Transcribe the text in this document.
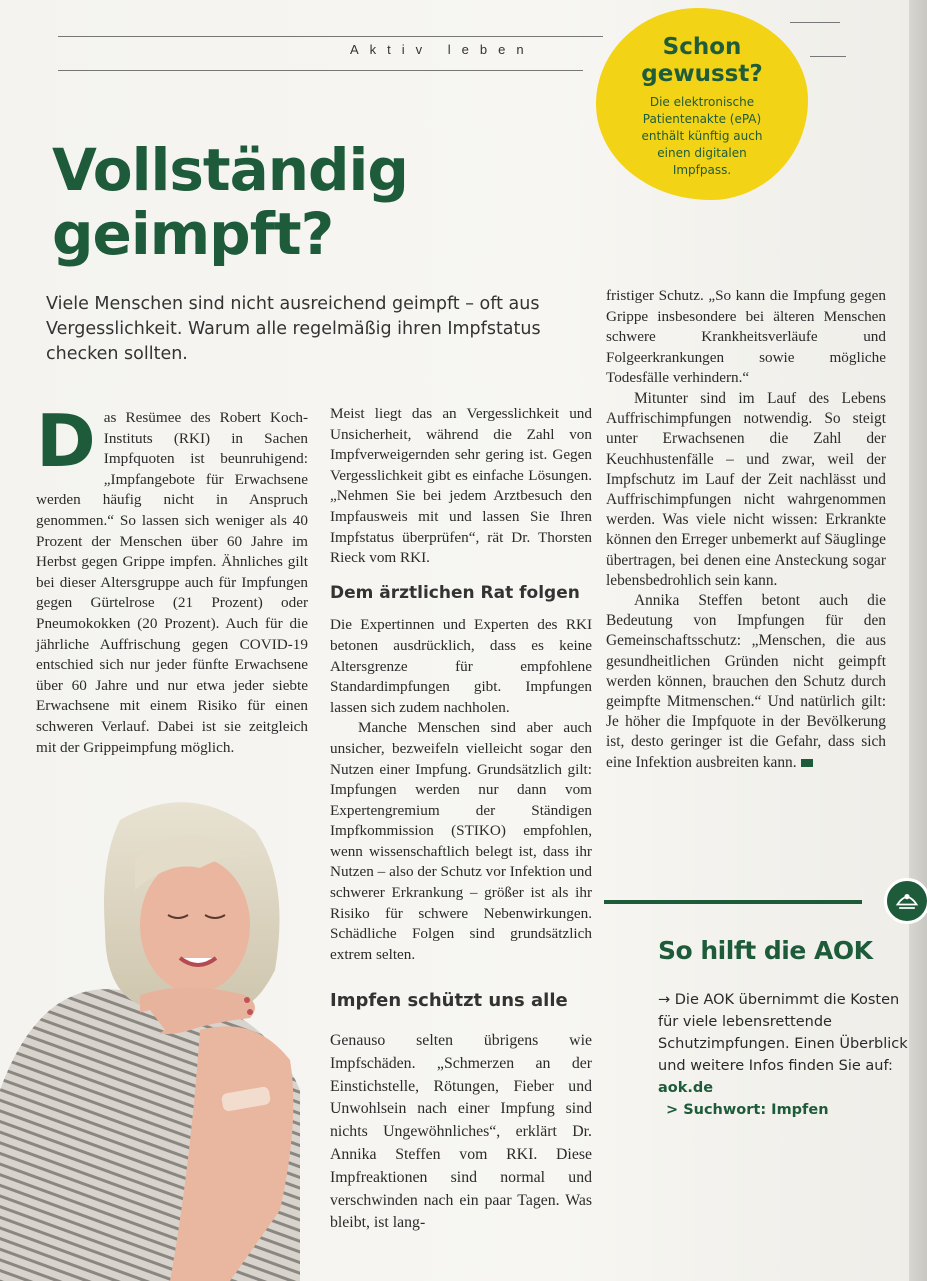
Aktiv leben	Schon
gewusst?
Die elektronische Patientenakte (ePA) enthält künftig auch einen digitalen Impfpass.
Vollständig
geimpft?
Viele Menschen sind nicht ausreichend geimpft – oft aus Vergesslichkeit. Warum alle regelmäßig ihren Impfstatus checken sollten.
D as Resümee des Robert Koch-Instituts (RKI) in Sachen Impfquoten ist beunruhigend: „Impfangebote für Erwachsene werden häufig nicht in Anspruch genommen.“ So lassen sich weniger als 40 Prozent der Menschen über 60 Jahre im Herbst gegen Grippe impfen. Ähnliches gilt bei dieser Altersgruppe auch für Impfungen gegen Gürtelrose (21 Prozent) oder Pneumokokken (20 Prozent). Auch für die jährliche Auffrischung gegen COVID-19 entschied sich nur jeder fünfte Erwachsene über 60 Jahre und nur etwa jeder siebte Erwachsene mit einem Risiko für einen schweren Verlauf. Dabei ist sie zeitgleich mit der Grippeimpfung möglich.

Meist liegt das an Vergesslichkeit und Unsicherheit, während die Zahl von Impfverweigernden sehr gering ist. Gegen Vergesslichkeit gibt es einfache Lösungen. „Nehmen Sie bei jedem Arztbesuch den Impfausweis mit und lassen Sie Ihren Impfstatus überprüfen“, rät Dr. Thorsten Rieck vom RKI.

Dem ärztlichen Rat folgen

Die Expertinnen und Experten des RKI betonen ausdrücklich, dass es keine Altersgrenze für empfohlene Standardimpfungen gibt. Impfungen lassen sich zudem nachholen.

Manche Menschen sind aber auch unsicher, bezweifeln vielleicht sogar den Nutzen einer Impfung. Grundsätzlich gilt: Impfungen werden nur dann vom Expertengremium der Ständigen Impfkommission (STIKO) empfohlen, wenn wissenschaftlich belegt ist, dass ihr Nutzen – also der Schutz vor Infektion und schwerer Erkrankung – größer ist als ihr Risiko für schwere Nebenwirkungen. Schädliche Folgen sind grundsätzlich extrem selten.

Impfen schützt uns alle

Genauso selten übrigens wie Impfschäden. „Schmerzen an der Einstichstelle, Rötungen, Fieber und Unwohlsein nach einer Impfung sind nichts Ungewöhnliches“, erklärt Dr. Annika Steffen vom RKI. Diese Impfreaktionen sind normal und verschwinden nach ein paar Tagen. Was bleibt, ist lang-

fristiger Schutz. „So kann die Impfung gegen Grippe insbesondere bei älteren Menschen schwere Krankheitsverläufe und Folgeerkrankungen sowie mögliche Todesfälle verhindern.“

Mitunter sind im Lauf des Lebens Auffrischimpfungen notwendig. So steigt unter Erwachsenen die Zahl der Keuchhustenfälle – und zwar, weil der Impfschutz im Lauf der Zeit nachlässt und Auffrischimpfungen nicht wahrgenommen werden. Was viele nicht wissen: Erkrankte können den Erreger unbemerkt auf Säuglinge übertragen, bei denen eine Ansteckung sogar lebensbedrohlich sein kann.

Annika Steffen betont auch die Bedeutung von Impfungen für den Gemeinschaftsschutz: „Menschen, die aus gesundheitlichen Gründen nicht geimpft werden können, brauchen den Schutz durch geimpfte Mitmenschen.“ Und natürlich gilt: Je höher die Impfquote in der Bevölkerung ist, desto geringer ist die Gefahr, dass sich eine Infektion ausbreiten kann.

So hilft die AOK
→ Die AOK übernimmt die Kosten für viele lebensrettende Schutzimpfungen. Einen Überblick und weitere Infos finden Sie auf:
aok.de
> Suchwort: Impfen
